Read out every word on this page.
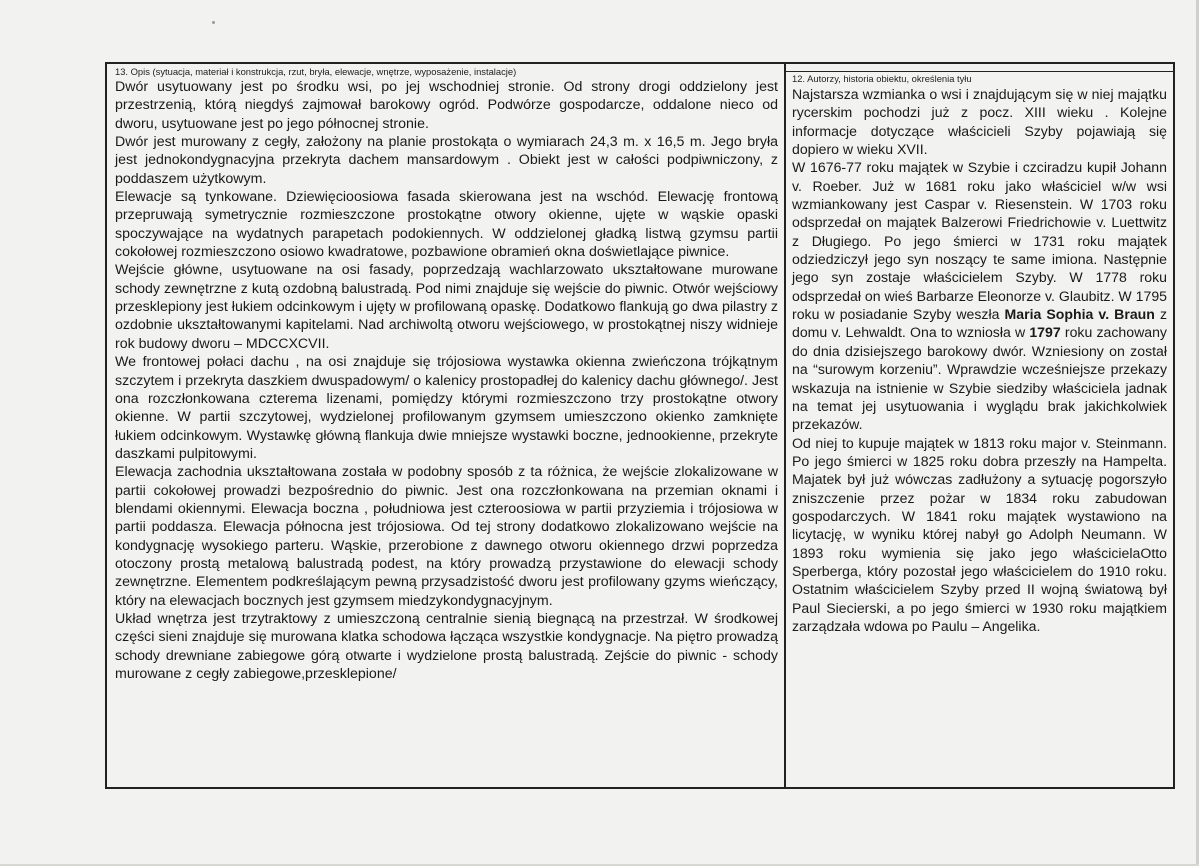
13. Opis (sytuacja, materiał i konstrukcja, rzut, bryła, elewacje, wnętrze, wyposażenie, instalacje)

Dwór usytuowany jest po środku wsi, po jej wschodniej stronie. Od strony drogi oddzielony jest przestrzenią, którą niegdyś zajmował barokowy ogród. Podwórze gospodarcze, oddalone nieco od dworu, usytuowane jest po jego północnej stronie.

Dwór jest murowany z cegły, założony na planie prostokąta o wymiarach 24,3 m. x 16,5 m. Jego bryła jest jednokondygnacyjna przekryta dachem mansardowym . Obiekt jest w całości podpiwniczony, z poddaszem użytkowym.

Elewacje są tynkowane. Dziewięcioosiowa fasada skierowana jest na wschód. Elewację frontową przepruwają symetrycznie rozmieszczone prostokątne otwory okienne, ujęte w wąskie opaski spoczywające na wydatnych parapetach podokiennych. W oddzielonej gładką listwą gzymsu partii cokołowej rozmieszczono osiowo kwadratowe, pozbawione obramień okna doświetlające piwnice.

Wejście główne, usytuowane na osi fasady, poprzedzają wachlarzowato ukształtowane murowane schody zewnętrzne z kutą ozdobną balustradą. Pod nimi znajduje się wejście do piwnic. Otwór wejściowy przesklepiony jest łukiem odcinkowym i ujęty w profilowaną opaskę. Dodatkowo flankują go dwa pilastry z ozdobnie ukształtowanymi kapitelami. Nad archiwoltą otworu wejściowego, w prostokątnej niszy widnieje rok budowy dworu – MDCCXCVII.

We frontowej połaci dachu , na osi znajduje się trójosiowa wystawka okienna zwieńczona trójkątnym szczytem i przekryta daszkiem dwuspadowym/ o kalenicy prostopadłej do kalenicy dachu głównego/. Jest ona rozczłonkowana czterema lizenami, pomiędzy którymi rozmieszczono trzy prostokątne otwory okienne. W partii szczytowej, wydzielonej profilowanym gzymsem umieszczono okienko zamknięte łukiem odcinkowym. Wystawkę główną flankuja dwie mniejsze wystawki boczne, jednookienne, przekryte daszkami pulpitowymi.

Elewacja zachodnia ukształtowana została w podobny sposób z ta różnica, że wejście zlokalizowane w partii cokołowej prowadzi bezpośrednio do piwnic. Jest ona rozczłonkowana na przemian oknami i blendami okiennymi. Elewacja boczna , południowa jest czteroosiowa w partii przyziemia i trójosiowa w partii poddasza. Elewacja północna jest trójosiowa. Od tej strony dodatkowo zlokalizowano wejście na kondygnację wysokiego parteru. Wąskie, przerobione z dawnego otworu okiennego drzwi poprzedza otoczony prostą metalową balustradą podest, na który prowadzą przystawione do elewacji schody zewnętrzne. Elementem podkreślającym pewną przysadzistość dworu jest profilowany gzyms wieńczący, który na elewacjach bocznych jest gzymsem miedzykondygnacyjnym.

Układ wnętrza jest trzytraktowy z umieszczoną centralnie sienią biegnącą na przestrzał. W środkowej części sieni znajduje się murowana klatka schodowa łącząca wszystkie kondygnacje. Na piętro prowadzą schody drewniane zabiegowe górą otwarte i wydzielone prostą balustradą. Zejście do piwnic - schody murowane z cegły zabiegowe,przesklepione/

12. Autorzy, historia obiektu, określenia tyłu

Najstarsza wzmianka o wsi i znajdującym się w niej majątku rycerskim pochodzi już z pocz. XIII wieku . Kolejne informacje dotyczące właścicieli Szyby pojawiają się dopiero w wieku XVII.

W 1676-77 roku majątek w Szybie i czciradzu kupił Johann v. Roeber. Już w 1681 roku jako właściciel w/w wsi wzmiankowany jest Caspar v. Riesenstein. W 1703 roku odsprzedał on majątek Balzerowi Friedrichowie v. Luettwitz z Długiego. Po jego śmierci w 1731 roku majątek odziedziczył jego syn noszący te same imiona. Następnie jego syn zostaje właścicielem Szyby. W 1778 roku odsprzedał on wieś Barbarze Eleonorze v. Glaubitz. W 1795 roku w posiadanie Szyby weszła Maria Sophia v. Braun z domu v. Lehwaldt. Ona to wzniosła w 1797 roku zachowany do dnia dzisiejszego barokowy dwór. Wzniesiony on został na “surowym korzeniu”. Wprawdzie wcześniejsze przekazy wskazuja na istnienie w Szybie siedziby właściciela jadnak na temat jej usytuowania i wyglądu brak jakichkolwiek przekazów.

Od niej to kupuje majątek w 1813 roku major v. Steinmann. Po jego śmierci w 1825 roku dobra przeszły na Hampelta. Majatek był już wówczas zadłużony a sytuację pogorszyło zniszczenie przez pożar w 1834 roku zabudowan gospodarczych. W 1841 roku majątek wystawiono na licytację, w wyniku której nabył go Adolph Neumann. W 1893 roku wymienia się jako jego właścicielaOtto Sperberga, który pozostał jego właścicielem do 1910 roku. Ostatnim właścicielem Szyby przed II wojną światową był Paul Siecierski, a po jego śmierci w 1930 roku majątkiem zarządzała wdowa po Paulu – Angelika.
